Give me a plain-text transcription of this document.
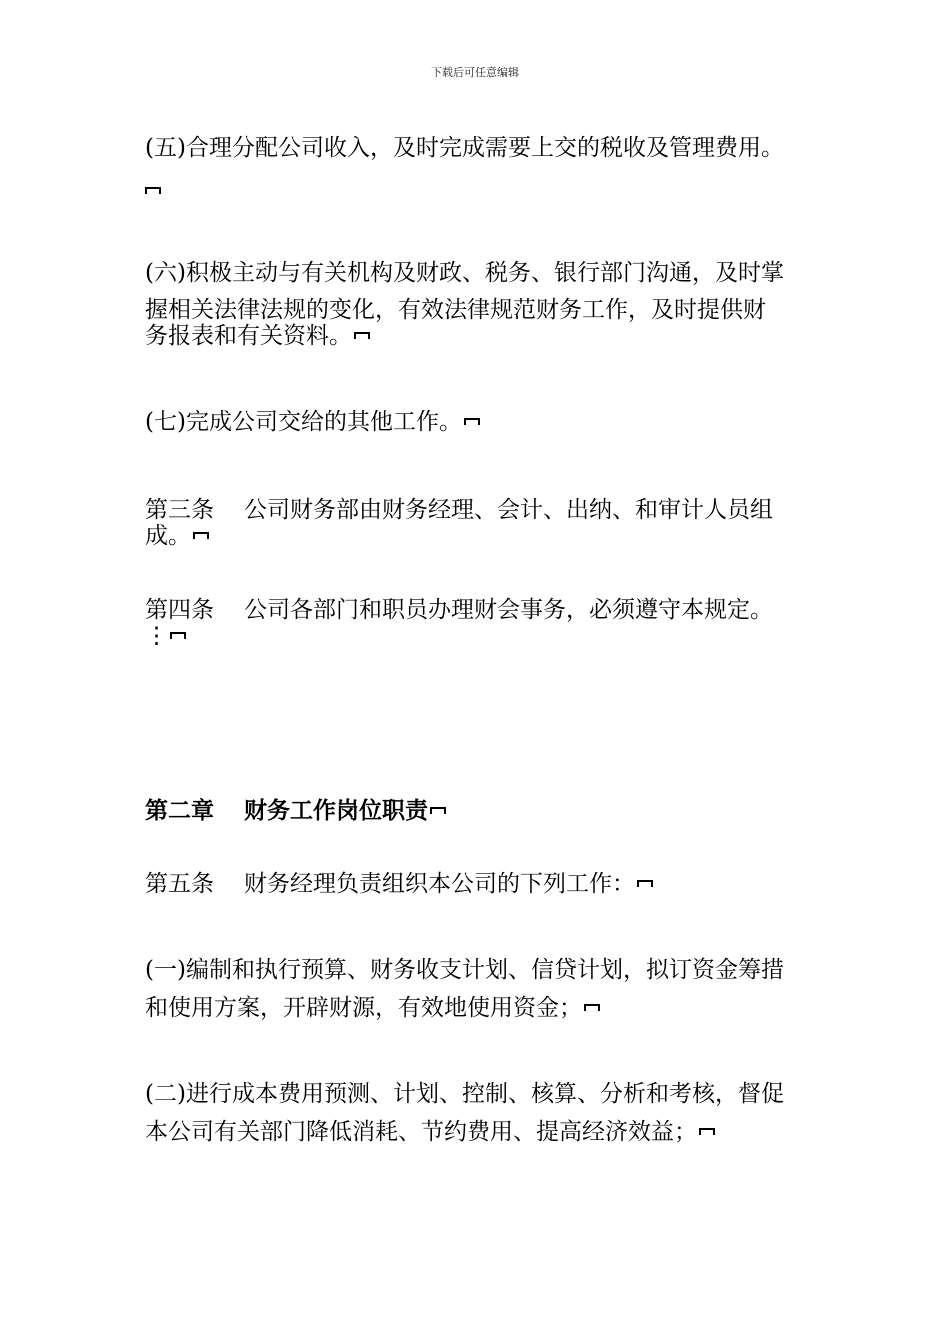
下载后可任意编辑
(五)合理分配公司收入，及时完成需要上交的税收及管理费用。
(六)积极主动与有关机构及财政、税务、银行部门沟通，及时掌
握相关法律法规的变化，有效法律规范财务工作，及时提供财
务报表和有关资料。
(七)完成公司交给的其他工作。
第三条 公司财务部由财务经理、会计、出纳、和审计人员组
成。
第四条 公司各部门和职员办理财会事务，必须遵守本规定。
⋮
第二章 财务工作岗位职责
第五条 财务经理负责组织本公司的下列工作：
(一)编制和执行预算、财务收支计划、信贷计划，拟订资金筹措
和使用方案，开辟财源，有效地使用资金；
(二)进行成本费用预测、计划、控制、核算、分析和考核，督促
本公司有关部门降低消耗、节约费用、提高经济效益；
